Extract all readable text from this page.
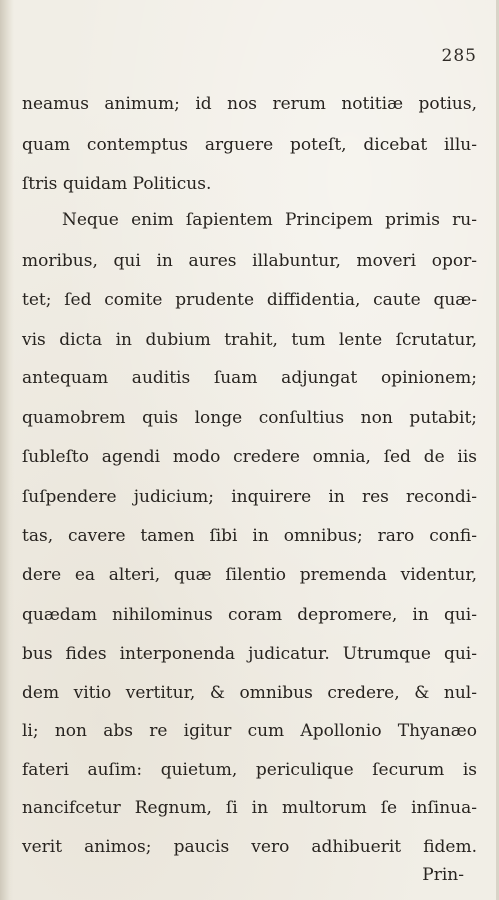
285
neamus animum; id nos rerum notitiæ potius,
quam contemptus arguere poteſt, dicebat illu-
ſtris quidam Politicus.
Neque enim ſapientem Principem primis ru-
moribus, qui in aures illabuntur, moveri opor-
tet; ſed comite prudente diffidentia, caute quæ-
vis dicta in dubium trahit, tum lente ſcrutatur,
antequam auditis ſuam adjungat opinionem;
quamobrem quis longe conſultius non putabit;
ſubleſto agendi modo credere omnia, ſed de iis
ſuſpendere judicium; inquirere in res recondi-
tas, cavere tamen ſibi in omnibus; raro confi-
dere ea alteri, quæ ſilentio premenda videntur,
quædam nihilominus coram depromere, in qui-
bus fides interponenda judicatur. Utrumque qui-
dem vitio vertitur, & omnibus credere, & nul-
li; non abs re igitur cum Apollonio Thyanæo
fateri auſim: quietum, periculique ſecurum is
nancifcetur Regnum, ſi in multorum ſe inſinua-
verit animos; paucis vero adhibuerit fidem.
Prin-
